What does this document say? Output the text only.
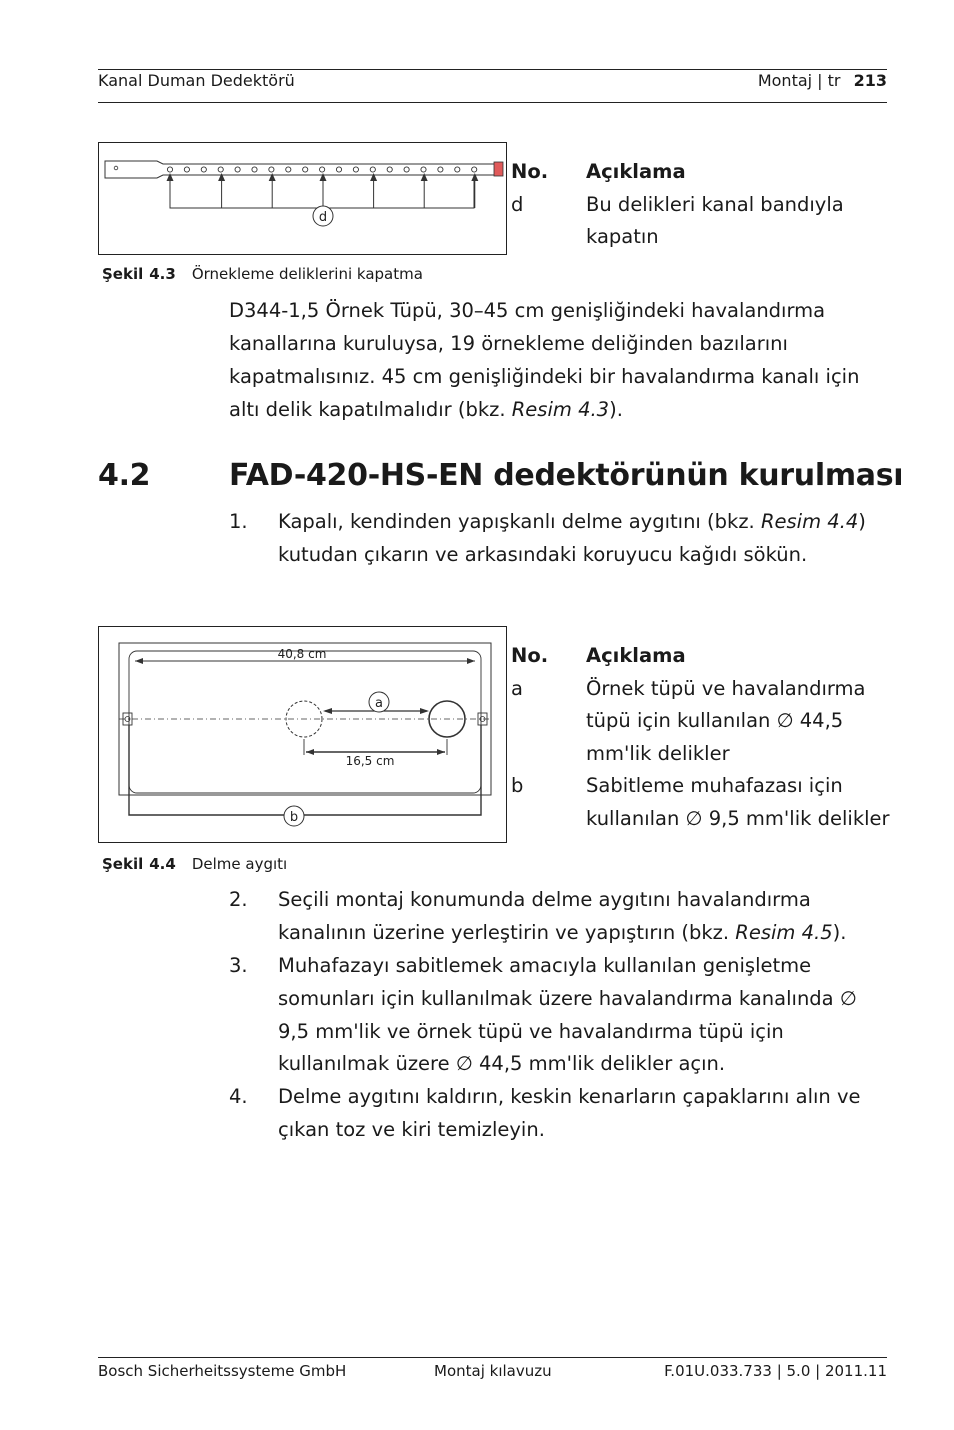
Kanal Duman Dedektörü	Montaj | tr 213
d
No.	Açıklama
d	Bu delikleri kanal bandıyla kapatın
Şekil 4.3 Örnekleme deliklerini kapatma
D344-1,5 Örnek Tüpü, 30–45 cm genişliğindeki havalandırma kanallarına kuruluysa, 19 örnekleme deliğinden bazılarını kapatmalısınız. 45 cm genişliğindeki bir havalandırma kanalı için altı delik kapatılmalıdır (bkz. Resim 4.3).
4.2	FAD-420-HS-EN dedektörünün kurulması
1.	Kapalı, kendinden yapışkanlı delme aygıtını (bkz. Resim 4.4) kutudan çıkarın ve arkasındaki koruyucu kağıdı sökün.
40,8 cm
a
16,5 cm
b
No.	Açıklama
a	Örnek tüpü ve havalandırma tüpü için kullanılan ∅ 44,5 mm'lik delikler
b	Sabitleme muhafazası için kullanılan ∅ 9,5 mm'lik delikler
Şekil 4.4 Delme aygıtı
2.	Seçili montaj konumunda delme aygıtını havalandırma kanalının üzerine yerleştirin ve yapıştırın (bkz. Resim 4.5).
3.	Muhafazayı sabitlemek amacıyla kullanılan genişletme somunları için kullanılmak üzere havalandırma kanalında ∅ 9,5 mm'lik ve örnek tüpü ve havalandırma tüpü için kullanılmak üzere ∅ 44,5 mm'lik delikler açın.
4.	Delme aygıtını kaldırın, keskin kenarların çapaklarını alın ve çıkan toz ve kiri temizleyin.
Bosch Sicherheitssysteme GmbH	Montaj kılavuzu	F.01U.033.733 | 5.0 | 2011.11
